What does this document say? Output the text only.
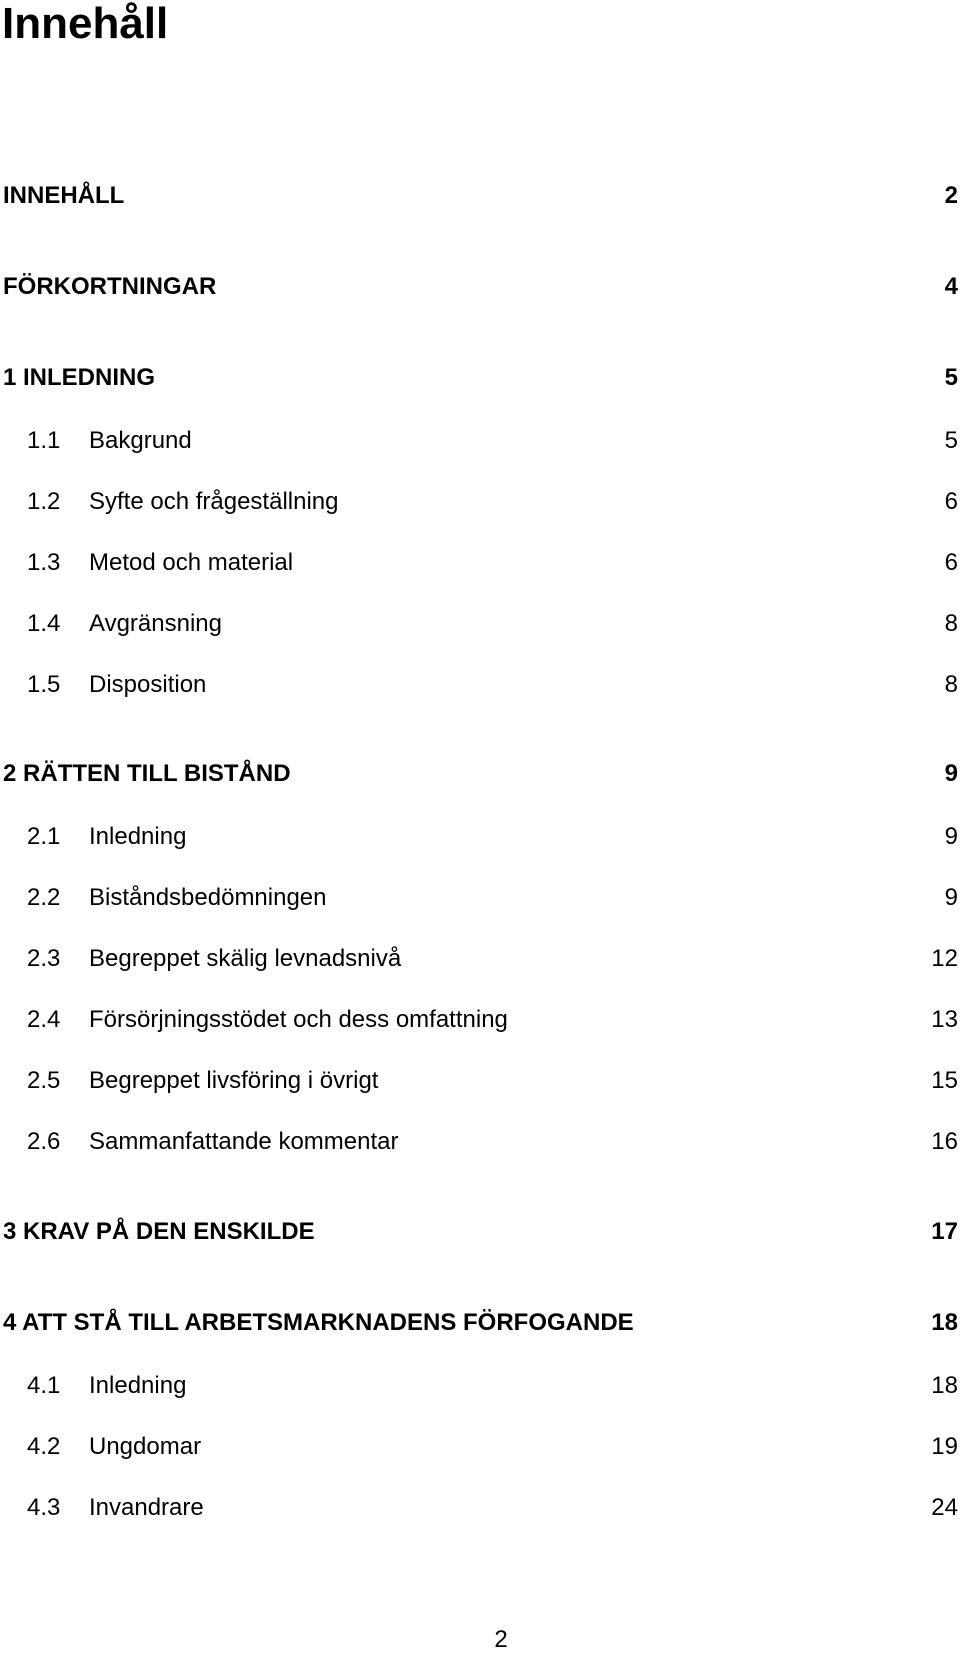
Innehåll
INNEHÅLL	2
FÖRKORTNINGAR	4
1 INLEDNING	5
1.1 Bakgrund	5
1.2 Syfte och frågeställning	6
1.3 Metod och material	6
1.4 Avgränsning	8
1.5 Disposition	8
2 RÄTTEN TILL BISTÅND	9
2.1 Inledning	9
2.2 Biståndsbedömningen	9
2.3 Begreppet skälig levnadsnivå	12
2.4 Försörjningsstödet och dess omfattning	13
2.5 Begreppet livsföring i övrigt	15
2.6 Sammanfattande kommentar	16
3 KRAV PÅ DEN ENSKILDE	17
4 ATT STÅ TILL ARBETSMARKNADENS FÖRFOGANDE	18
4.1 Inledning	18
4.2 Ungdomar	19
4.3 Invandrare	24
2
